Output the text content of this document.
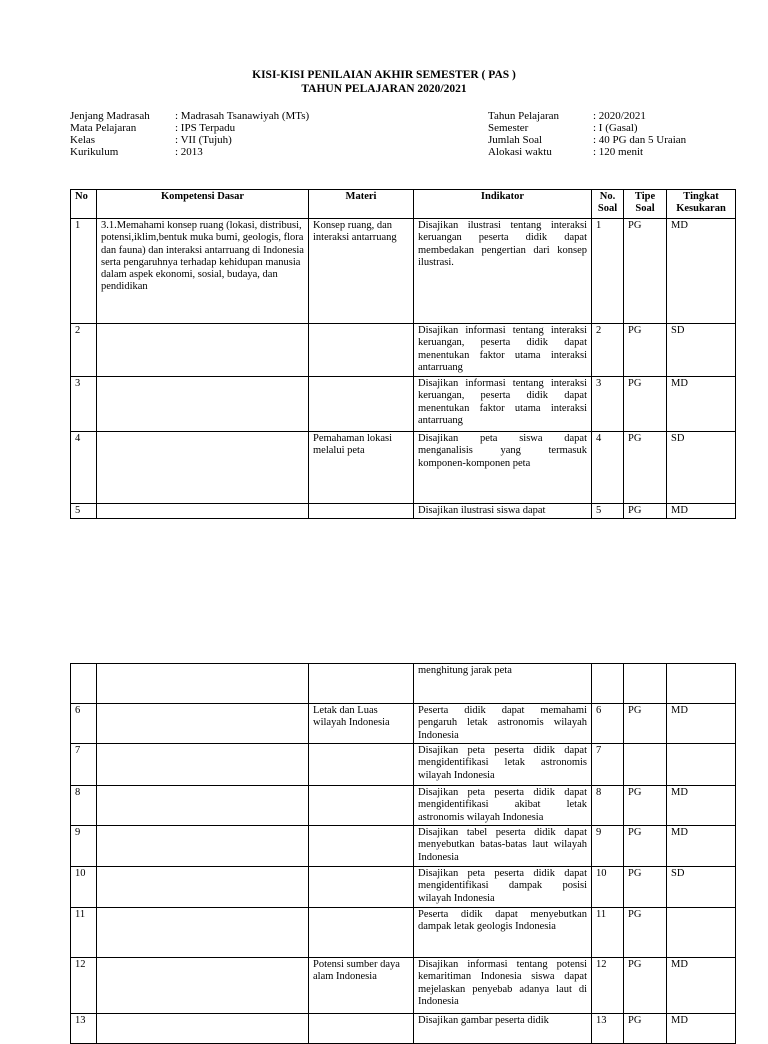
KISI-KISI PENILAIAN AKHIR SEMESTER ( PAS )
TAHUN PELAJARAN 2020/2021
Jenjang Madrasah	: Madrasah Tsanawiyah (MTs)
Mata Pelajaran	: IPS Terpadu
Kelas	: VII (Tujuh)
Kurikulum	: 2013
Tahun Pelajaran	: 2020/2021
Semester	: I (Gasal)
Jumlah Soal	: 40 PG dan 5 Uraian
Alokasi waktu	: 120 menit
No	Kompetensi Dasar	Materi	Indikator	No. Soal	Tipe Soal	Tingkat Kesukaran
1	3.1.Memahami konsep ruang (lokasi, distribusi, potensi,iklim,bentuk muka bumi, geologis, flora dan fauna) dan interaksi antarruang di Indonesia serta pengaruhnya terhadap kehidupan manusia dalam aspek ekonomi, sosial, budaya, dan pendidikan	Konsep ruang, dan interaksi antarruang	Disajikan ilustrasi tentang interaksi keruangan peserta didik dapat membedakan pengertian dari konsep ilustrasi.	1	PG	MD
2			Disajikan informasi tentang interaksi keruangan, peserta didik dapat menentukan faktor utama interaksi antarruang	2	PG	SD
3			Disajikan informasi tentang interaksi keruangan, peserta didik dapat menentukan faktor utama interaksi antarruang	3	PG	MD
4		Pemahaman lokasi melalui peta	Disajikan peta siswa dapat menganalisis yang termasuk komponen-komponen peta	4	PG	SD
5			Disajikan ilustrasi siswa dapat	5	PG	MD
			menghitung jarak peta			
6		Letak dan Luas wilayah Indonesia	Peserta didik dapat memahami pengaruh letak astronomis wilayah Indonesia	6	PG	MD
7			Disajikan peta peserta didik dapat mengidentifikasi letak astronomis wilayah Indonesia	7		
8			Disajikan peta peserta didik dapat mengidentifikasi akibat letak astronomis wilayah Indonesia	8	PG	MD
9			Disajikan tabel peserta didik dapat menyebutkan batas-batas laut wilayah Indonesia	9	PG	MD
10			Disajikan peta peserta didik dapat mengidentifikasi dampak posisi wilayah Indonesia	10	PG	SD
11			Peserta didik dapat menyebutkan dampak letak geologis Indonesia	11	PG	
12		Potensi sumber daya alam Indonesia	Disajikan informasi tentang potensi kemaritiman Indonesia siswa dapat mejelaskan penyebab adanya laut di Indonesia	12	PG	MD
13			Disajikan gambar peserta didik	13	PG	MD
